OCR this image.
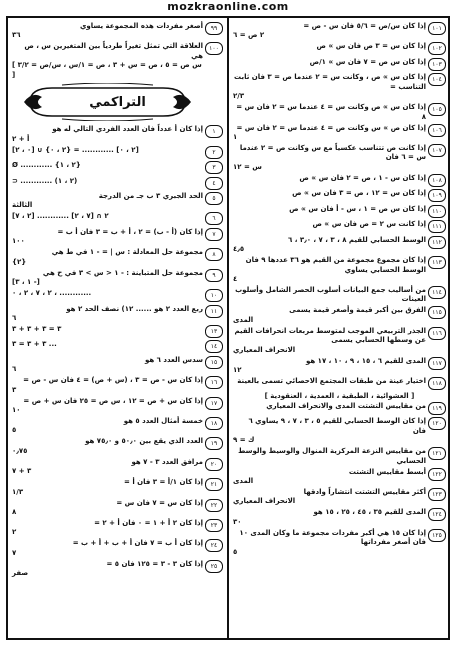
mozkraonline.com
٩٩
أصغر مفردات هذه المجموعة يساوي
٣٦
١٠٠
العلاقة التي تمثل تغيراً طردياً بين المتغيرين س ، ص هي
[ س ص = ٥ ، ص = س + ٣ ، ص = ١/س ، س/ص = ٣/٢ ]
التراكمي
١
إذا كان أ عدداً فان العدد الفردي التالي له هو
أ + ٢
٢
[٠ ، ٢] ∪ {٢ ، ٠} = ............ [٢ ، ٠]
٣
Ø ............ {٢ ، ١}
٤
⊃ ............ (٢ ، ١)
٥
الحد الجبري ٣ ب جـ من الدرجة
الثالثة
٦
[٢ ، ٧] ............ ٢ ∩ [٧ ، ٢]
٧
إذا كان (أ - ب) = ٢ ، أ + ب = ٣ فان أ ب =
١٠٠
٨
مجموعة حل المعادلة : س | = - ١ في ط هي
{٢}
٩
مجموعة حل المتباينة : - ١ < س > ٣ في ح هي
[١ ، ٣ -]
١٠
٢ ، ٧ ، ٢ ، ٠ ، ............
١١
ربع العدد ٢ هو ...... ١٢) نصف الحد ٢ هو
٦
١٣
٣ = ٣ + ٣ + ٣
١٤
٣ + ٣ = ٣ ...
١٥
سدس العدد ٦ هو
٦
١٦
إذا كان س - ص = ٣ ، (س + ص) = ٤ فان س - ص =
٣
١٧
إذا كان س + ص = ١٢ ، س ص = ٢٥ فان س + ص =
١٠
١٨
خمسة أمثال العدد ٥ هو
٥
١٩
العدد الذي يقع بين ٥٠٫٠ و ٧٥٫٠ هو
٠٫٧٥
٢٠
مرافق العدد ٣ - ٧ هو
٣ + ٧
٢١
إذا كان ١/أ = ٣ فان أ =
١/٣
٢٢
إذا كان س = ٧ فان س =
٨
٢٣
إذا كان ٢ أ + ١ = ٠ فان أ + ٢ =
٢
٢٤
إذا كان أ ب = ٧ فان أ + ب + أ + ب =
٧
٢٥
إذا كان ٣ - ٣ = ١٢٥ فان ٥ =
صفر
١٠١
إذا كان س/ص = ٥/٦ فان س - ص =
٢ ص = ٦
١٠٢
إذا كان س = ٣ ص فان س ∝ ص
١٠٣
إذا كان س ص = ٧ فان س ∝ ١/ص
١٠٤
إذا كان س ∝ ص ، وكانت س = ٢ عندما ص = ٣ فان ثابت التناسب =
٢/٣
١٠٥
إذا كان س ∝ ص وكانت س = ٤ عندما س = ٢ فان س = ٨
١٠٦
إذا كان ص ∝ س وكانت ص = ٤ عندما س = ٢ فان س =
١
١٠٧
إذا كانت ص تتناسب عكسياً مع س وكانت ص = ٢ عندما س = ٦ فان
س = ١٢
١٠٨
إذا كان س - ١ ، ص = ٢ فان س ∝ ص
١٠٩
إذا كان س = ١٢ ، ص = ٣ فان س ∝ ص
١١٠
إذا كان س ص = ١ ، س - أ فان س ∝ ص
١١١
إذا كانت س ٢ = ص فان س ∝ ص
١١٢
الوسط الحسابي للقيم ٨ ، ٣ ، ٧ ، ٣٫٠ ، ٦
٤٫٥
١١٣
إذا كان مجموع مجموعة من القيم هو ٣٦ عددها ٩ فان الوسط الحسابي يساوي
٤
١١٤
من أساليب جمع البيانات أسلوب الحصر الشامل وأسلوب العينات
١١٥
الفرق بين أكبر قيمة وأصغر قيمة يسمى
المدى
١١٦
الجذر التربيعي الموجب لمتوسط مربعات انحرافات القيم عن وسطها الحسابي يسمى
الانحراف المعياري
١١٧
المدى للقيم ٦ ، ١٥ ، ٩ ، ١٠ ، ١٧ هو
١٢
١١٨
اختيار عينة من طبقات المجتمع الاحصائي تسمى بالعينة
[ العشوائية ، الطبقية ، العمدية ، العنقودية ]
١١٩
من مقاييس التشتت المدى والانحراف المعياري
١٢٠
إذا كان الوسط الحسابي للقيم ٥ ، ٣ ، ٧ ، ٩ يساوي ٦ فان
ك = ٩
١٢١
من مقاييس النزعة المركزية المنوال والوسيط والوسط الحسابي
١٢٢
أبسط مقاييس التشتت
المدى
١٢٣
أكثر مقاييس التشتت انتشاراً وادقها
الانحراف المعياري
١٢٤
المدى للقيم ٣٥ ، ٤٥ ، ٢٥ ، ١٥ هو
٣٠
١٢٥
إذا كان ١٥ هي أكبر مفردات مجموعة ما وكان المدى ١٠ فان أصغر مفرداتها
٥
